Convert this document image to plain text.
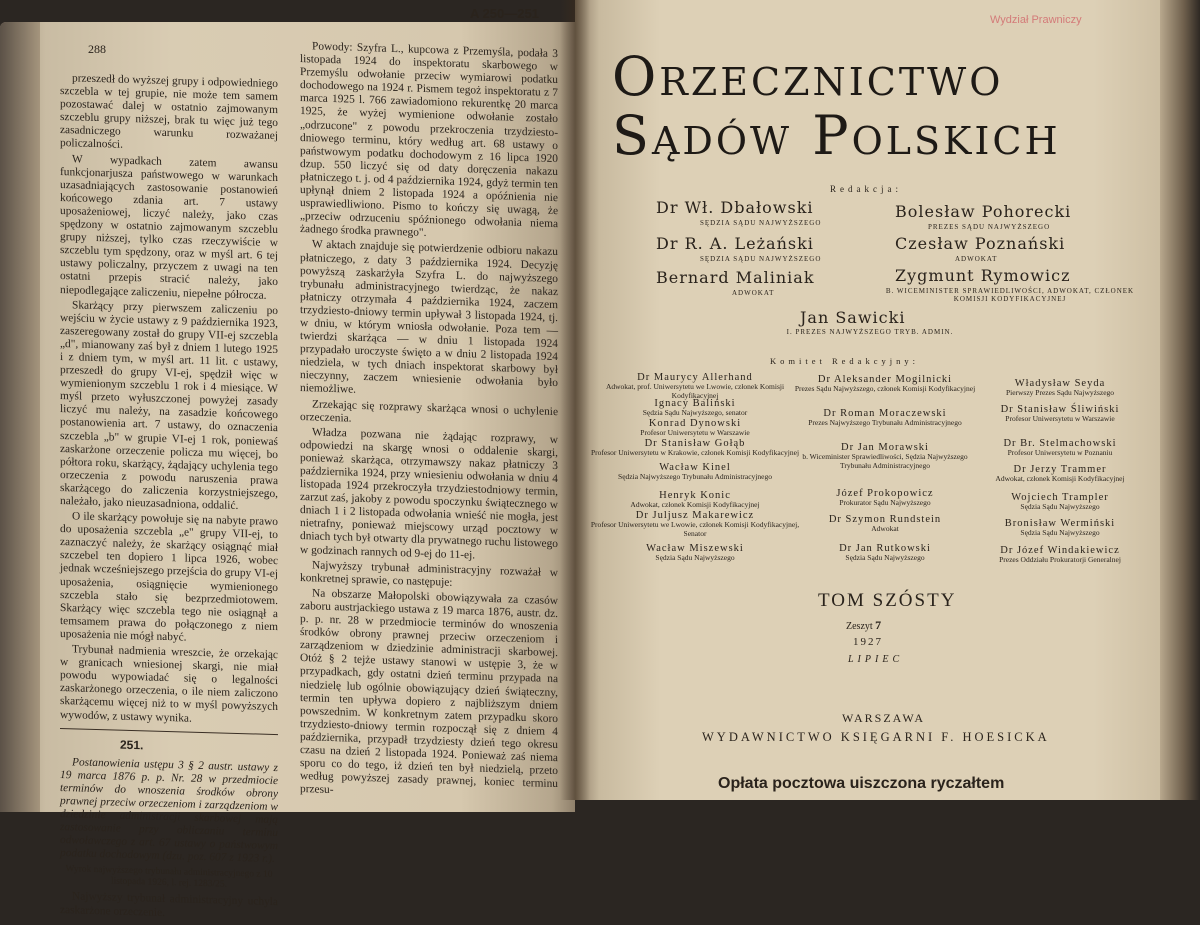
A 250—251
288

przeszedł do wyższej grupy i odpowiedniego szczebla w tej grupie, nie może tem samem pozostawać dalej w ostatnio zajmowanym szczeblu grupy niższej, brak tu więc już tego zasadniczego warunku rozważanej policzalności.

W wypadkach zatem awansu funkcjonarjusza państwowego w warunkach uzasadniających zastosowanie postanowień końcowego zdania art. 7 ustawy uposażeniowej, liczyć należy, jako czas spędzony w ostatnio zajmowanym szczeblu grupy niższej, tylko czas rzeczywiście w szczeblu tym spędzony, oraz w myśl art. 6 tej ustawy policzalny, przyczem z uwagi na ten ostatni przepis stracić należy, jako niepodlegające zaliczeniu, niepełne półrocza.

Skarżący przy pierwszem zaliczeniu po wejściu w życie ustawy z 9 października 1923, zaszeregowany został do grupy VII-ej szczebla „d", mianowany zaś był z dniem 1 lutego 1925 i z dniem tym, w myśl art. 11 lit. c ustawy, przeszedł do grupy VI-ej, spędził więc w wymienionym szczeblu 1 rok i 4 miesiące. W myśl przeto wyłuszczonej powyżej zasady liczyć mu należy, na zasadzie końcowego postanowienia art. 7 ustawy, do oznaczenia szczebla „b" w grupie VI-ej 1 rok, poniewaś zaskarżone orzeczenie policza mu więcej, bo półtora roku, skarżący, żądający uchylenia tego orzeczenia z powodu naruszenia prawa skarżącego do zaliczenia korzystniejszego, należało, jako nieuzasadniona, oddalić.

O ile skarżący powołuje się na nabyte prawo do uposażenia szczebla „e" grupy VII-ej, to zaznaczyć należy, że skarżący osiągnąć miał szczebel ten dopiero 1 lipca 1926, wobec jednak wcześniejszego przejścia do grupy VI-ej uposażenia, osiągnięcie wymienionego szczebla stało się bezprzedmiotowem. Skarżący więc szczebla tego nie osiągnął a temsamem prawa do połączonego z niem uposażenia nie mógł nabyć.

Trybunał nadmienia wreszcie, że orzekając w granicach wniesionej skargi, nie miał powodu wypowiadać się o legalności zaskarżonego orzeczenia, o ile niem zaliczono skarżącemu więcej niż to w myśl powyższych wywodów, z ustawy wynika.

251.

Postanowienia ustępu 3 § 2 austr. ustawy z 19 marca 1876 p. p. Nr. 28 w przedmiocie terminów do wnoszenia środków obrony prawnej przeciw orzeczeniom i zarządzeniom w dziedzinie administracji skarbowej mają zastosowanie przy obliczaniu terminu odwoławczego z art. 67 ustawy o państwowym podatku dochodowym (dzu. poz. 607 z 1923 r.).

Wyrok najwyższego trybunału administracyjnego z 10 listopada 1926, l. rej. 1283/25.

Najwyższy trybunał administracyjny uchyla zaskarżone orzeczenie.

Powody: Szyfra L., kupcowa z Przemyśla, podała 3 listopada 1924 do inspektoratu skarbowego w Przemyślu odwołanie przeciw wymiarowi podatku dochodowego na 1924 r. Pismem tegoż inspektoratu z 7 marca 1925 l. 766 zawiadomiono rekurentkę 20 marca 1925, że wyżej wymienione odwołanie zostało „odrzucone" z powodu przekroczenia trzydziesto-dniowego terminu, który według art. 68 ustawy o państwowym podatku dochodowym z 16 lipca 1920 dzup. 550 liczyć się od daty doręczenia nakazu płatniczego t. j. od 4 października 1924, gdyż termin ten upłynął dniem 2 listopada 1924 a opóźnienia nie usprawiedliwiono. Pismo to kończy się uwagą, że „przeciw odrzuceniu spóźnionego odwołania niema żadnego środka prawnego".

W aktach znajduje się potwierdzenie odbioru nakazu płatniczego, z daty 3 października 1924. Decyzję powyższą zaskarżyła Szyfra L. do najwyższego trybunału administracyjnego twierdząc, że nakaz płatniczy otrzymała 4 października 1924, zaczem trzydziesto-dniowy termin upływał 3 listopada 1924, tj. w dniu, w którym wniosła odwołanie. Poza tem — twierdzi skarżąca — w dniu 1 listopada 1924 przypadało uroczyste święto a w dniu 2 listopada 1924 niedziela, w tych dniach inspektorat skarbowy był nieczynny, zaczem wniesienie odwołania było niemożliwe.

Zrzekając się rozprawy skarżąca wnosi o uchylenie orzeczenia.

Władza pozwana nie żądając rozprawy, w odpowiedzi na skargę wnosi o oddalenie skargi, ponieważ skarżąca, otrzymawszy nakaz płatniczy 3 października 1924, przy wniesieniu odwołania w dniu 4 listopada 1924 przekroczyła trzydziestodniowy termin, zarzut zaś, jakoby z powodu spoczynku świątecznego w dniach 1 i 2 listopada odwołania wnieść nie mogła, jest nietrafny, ponieważ miejscowy urząd pocztowy w dniach tych był otwarty dla prywatnego ruchu listowego w godzinach rannych od 9-ej do 11-ej.

Najwyższy trybunał administracyjny rozważał w konkretnej sprawie, co następuje:

Na obszarze Małopolski obowiązywała za czasów zaboru austrjackiego ustawa z 19 marca 1876, austr. dz. p. p. nr. 28 w przedmiocie terminów do wnoszenia środków obrony prawnej przeciw orzeczeniom i zarządzeniom w dziedzinie administracji skarbowej. Otóż § 2 tejże ustawy stanowi w ustępie 3, że w przypadkach, gdy ostatni dzień terminu przypada na niedzielę lub ogólnie obowiązujący dzień świąteczny, termin ten upływa dopiero z najbliższym dniem powszednim. W konkretnym zatem przypadku skoro trzydziesto-dniowy termin rozpoczął się z dniem 4 października, przypadł trzydziesty dzień tego okresu czasu na dzień 2 listopada 1924. Ponieważ zaś niema sporu co do tego, iż dzień ten był niedzielą, przeto według powyższej zasady prawnej, koniec terminu przesu-

Wydział Prawniczy
Orzecznictwo
Sądów Polskich
Redakcja:
Dr Wł. Dbałowski
SĘDZIA SĄDU NAJWYŻSZEGO
Dr R. A. Leżański
SĘDZIA SĄDU NAJWYŻSZEGO
Bernard Maliniak
ADWOKAT
Bolesław Pohorecki
PREZES SĄDU NAJWYŻSZEGO
Czesław Poznański
ADWOKAT
Zygmunt Rymowicz
B. WICEMINISTER SPRAWIEDLIWOŚCI, ADWOKAT, CZŁONEK KOMISJI KODYFIKACYJNEJ
Jan Sawicki
I. PREZES NAJWYŻSZEGO TRYB. ADMIN.
Komitet Redakcyjny:
Dr Maurycy Allerhand
Adwokat, prof. Uniwersytetu we Lwowie, członek Komisji Kodyfikacyjnej
Ignacy Baliński
Sędzia Sądu Najwyższego, senator
Konrad Dynowski
Profesor Uniwersytetu w Warszawie
Dr Stanisław Gołąb
Profesor Uniwersytetu w Krakowie, członek Komisji Kodyfikacyjnej
Wacław Kinel
Sędzia Najwyższego Trybunału Administracyjnego
Henryk Konic
Adwokat, członek Komisji Kodyfikacyjnej
Dr Juljusz Makarewicz
Profesor Uniwersytetu we Lwowie, członek Komisji Kodyfikacyjnej, Senator
Wacław Miszewski
Sędzia Sądu Najwyższego
Dr Aleksander Mogilnicki
Prezes Sądu Najwyższego, członek Komisji Kodyfikacyjnej
Dr Roman Moraczewski
Prezes Najwyższego Trybunału Administracyjnego
Dr Jan Morawski
b. Wiceminister Sprawiedliwości, Sędzia Najwyższego Trybunału Administracyjnego
Józef Prokopowicz
Prokurator Sądu Najwyższego
Dr Szymon Rundstein
Adwokat
Dr Jan Rutkowski
Sędzia Sądu Najwyższego
Władysław Seyda
Pierwszy Prezes Sądu Najwyższego
Dr Stanisław Śliwiński
Profesor Uniwersytetu w Warszawie
Dr Br. Stelmachowski
Profesor Uniwersytetu w Poznaniu
Dr Jerzy Trammer
Adwokat, członek Komisji Kodyfikacyjnej
Wojciech Trampler
Sędzia Sądu Najwyższego
Bronisław Wermiński
Sędzia Sądu Najwyższego
Dr Józef Windakiewicz
Prezes Oddziału Prokuratorji Generalnej
TOM SZÓSTY
Zeszyt 7
1927
LIPIEC
WARSZAWA
WYDAWNICTWO KSIĘGARNI F. HOESICKA
Opłata pocztowa uiszczona ryczałtem
